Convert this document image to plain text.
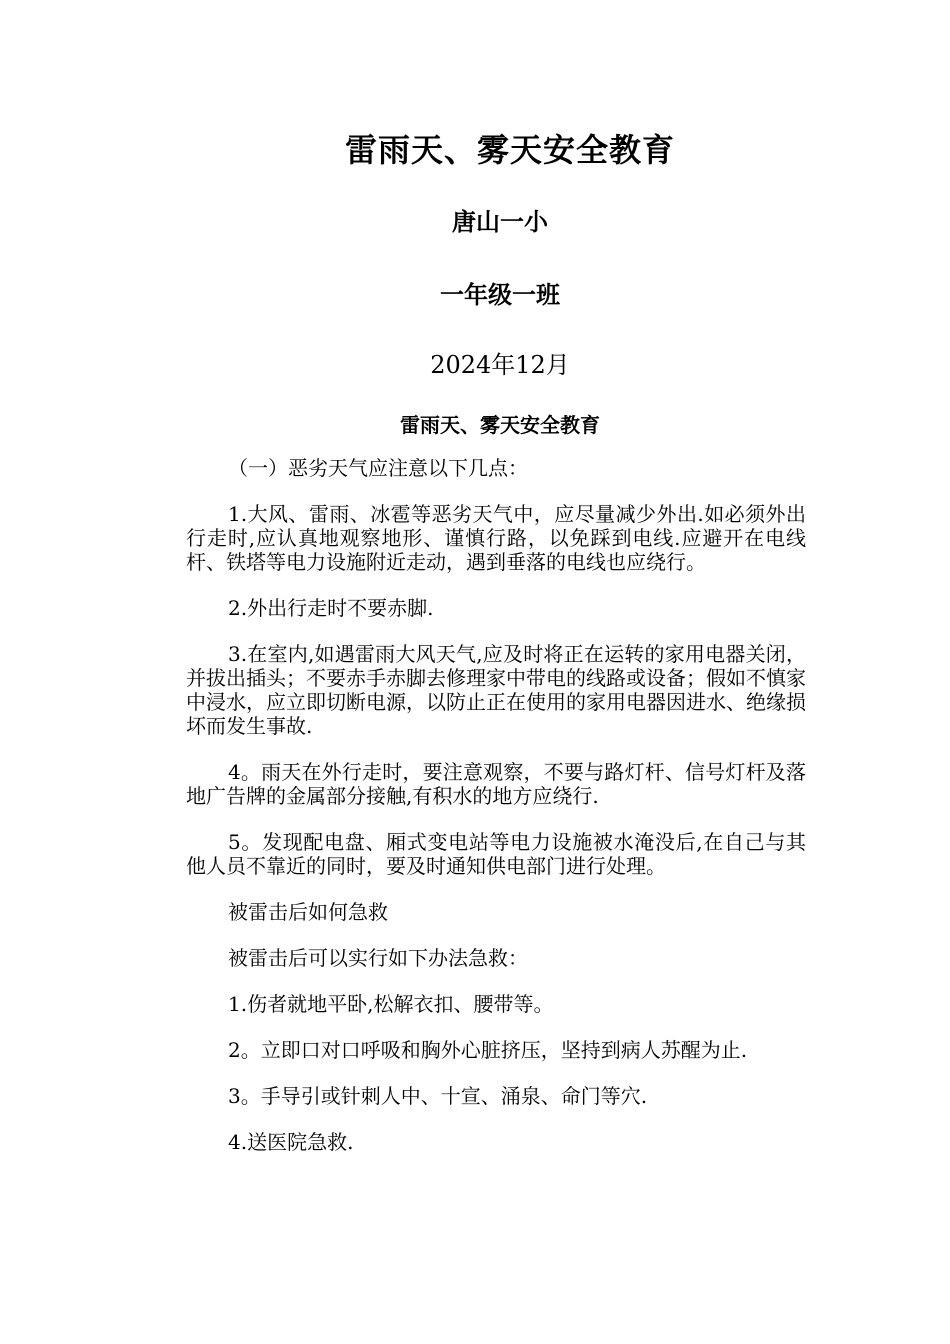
雷雨天、雾天安全教育
唐山一小
一年级一班
2024年12月
雷雨天、雾天安全教育

（一）恶劣天气应注意以下几点：

1.大风、雷雨、冰雹等恶劣天气中，应尽量减少外出.如必须外出行走时,应认真地观察地形、谨慎行路，以免踩到电线.应避开在电线杆、铁塔等电力设施附近走动，遇到垂落的电线也应绕行。

2.外出行走时不要赤脚.

3.在室内,如遇雷雨大风天气,应及时将正在运转的家用电器关闭，并拔出插头；不要赤手赤脚去修理家中带电的线路或设备；假如不慎家中浸水，应立即切断电源，以防止正在使用的家用电器因进水、绝缘损坏而发生事故.

4。雨天在外行走时，要注意观察，不要与路灯杆、信号灯杆及落地广告牌的金属部分接触,有积水的地方应绕行.

5。发现配电盘、厢式变电站等电力设施被水淹没后,在自己与其他人员不靠近的同时，要及时通知供电部门进行处理。

被雷击后如何急救

被雷击后可以实行如下办法急救：

1.伤者就地平卧,松解衣扣、腰带等。

2。立即口对口呼吸和胸外心脏挤压，坚持到病人苏醒为止.

3。手导引或针刺人中、十宣、涌泉、命门等穴.

4.送医院急救.
